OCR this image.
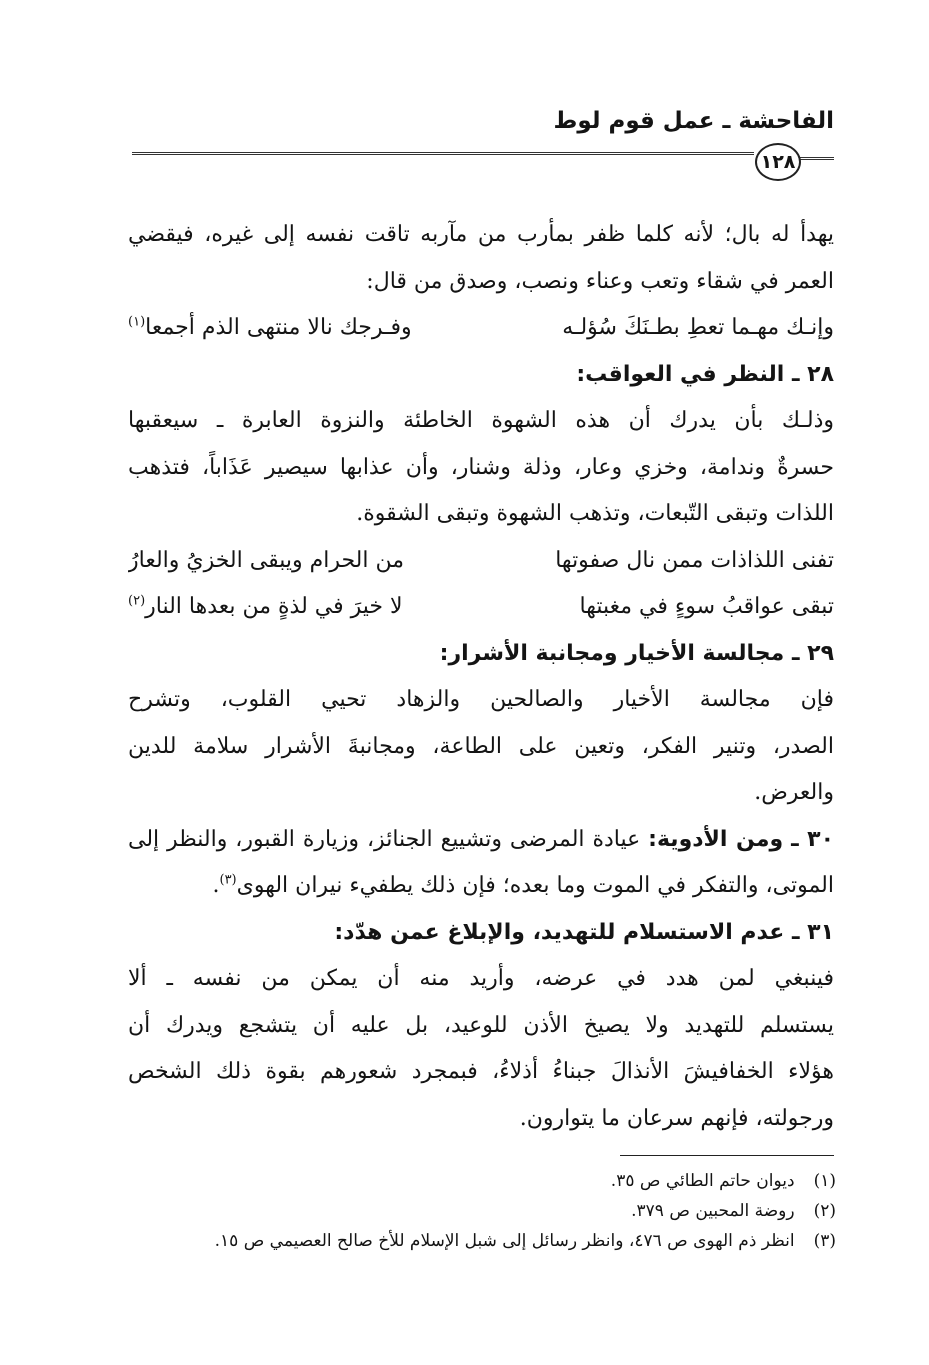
الفاحشة ـ عمل قوم لوط
١٢٨
يهدأ له بال؛ لأنه كلما ظفر بمأرب من مآربه تاقت نفسه إلى غيره، فيقضي
العمر في شقاء وتعب وعناء ونصب، وصدق من قال:
وإنـك مهـما تعطِ بطـنَكَ سُؤلـه
وفـرجك نالا منتهى الذم أجمعا$^{(١)}$
٢٨ ـ النظر في العواقب:
وذلـك بأن يدرك أن هذه الشهوة الخاطئة والنزوة العابرة ـ سيعقبها
حسرةٌ وندامة، وخزي وعار، وذلة وشنار، وأن عذابها سيصير عَذَاباً، فتذهب
اللذات وتبقى التّبعات، وتذهب الشهوة وتبقى الشقوة.
تفنى اللذاذات ممن نال صفوتها
من الحرام ويبقى الخزيُ والعارُ
تبقى عواقبُ سوءٍ في مغبتها
لا خيرَ في لذةٍ من بعدها النار$^{(٢)}$
٢٩ ـ مجالسة الأخيار ومجانبة الأشرار:
فإن مجالسة الأخيار والصالحين والزهاد تحيي القلوب، وتشرح
الصدر، وتنير الفكر، وتعين على الطاعة، ومجانبةَ الأشرار سلامة للدين
والعرض.
٣٠ ـ ومن الأدوية: عيادة المرضى وتشييع الجنائز، وزيارة القبور، والنظر إلى
الموتى، والتفكر في الموت وما بعده؛ فإن ذلك يطفيء نيران الهوى$^{(٣)}$.
٣١ ـ عدم الاستسلام للتهديد، والإبلاغ عمن هدّد:
فينبغي لمن هدد في عرضه، وأريد منه أن يمكن من نفسه ـ ألا
يستسلم للتهديد ولا يصيخ الأذن للوعيد، بل عليه أن يتشجع ويدرك أن
هؤلاء الخفافيشَ الأنذالَ جبناءُ أذلاءُ، فبمجرد شعورهم بقوة ذلك الشخص
ورجولته، فإنهم سرعان ما يتوارون.
(١) ديوان حاتم الطائي ص ٣٥.
(٢) روضة المحبين ص ٣٧٩.
(٣) انظر ذم الهوى ص ٤٧٦، وانظر رسائل إلى شبل الإسلام للأخ صالح العصيمي ص ١٥.
